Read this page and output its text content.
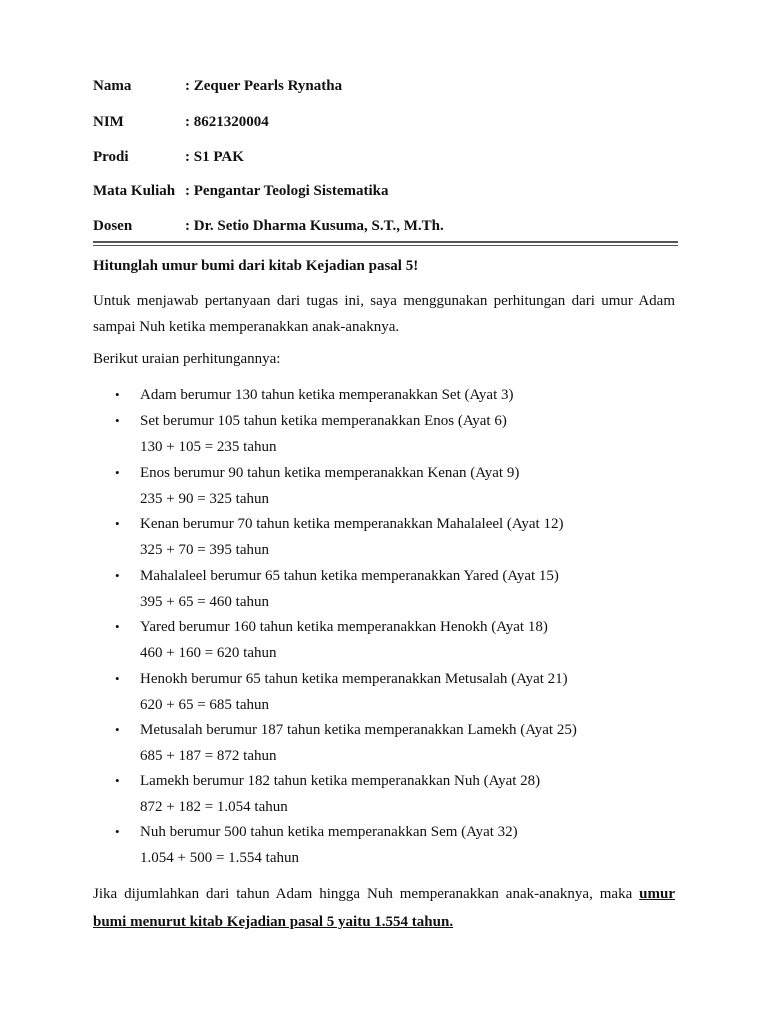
Nama	: Zequer Pearls Rynatha
NIM	: 8621320004
Prodi	: S1 PAK
Mata Kuliah : Pengantar Teologi Sistematika
Dosen	: Dr. Setio Dharma Kusuma, S.T., M.Th.
Hitunglah umur bumi dari kitab Kejadian pasal 5!
Untuk menjawab pertanyaan dari tugas ini, saya menggunakan perhitungan dari umur Adam sampai Nuh ketika memperanakkan anak-anaknya.
Berikut uraian perhitungannya:
• Adam berumur 130 tahun ketika memperanakkan Set (Ayat 3)
• Set berumur 105 tahun ketika memperanakkan Enos (Ayat 6)
130 + 105 = 235 tahun
• Enos berumur 90 tahun ketika memperanakkan Kenan (Ayat 9)
235 + 90 = 325 tahun
• Kenan berumur 70 tahun ketika memperanakkan Mahalaleel (Ayat 12)
325 + 70 = 395 tahun
• Mahalaleel berumur 65 tahun ketika memperanakkan Yared (Ayat 15)
395 + 65 = 460 tahun
• Yared berumur 160 tahun ketika memperanakkan Henokh (Ayat 18)
460 + 160 = 620 tahun
• Henokh berumur 65 tahun ketika memperanakkan Metusalah (Ayat 21)
620 + 65 = 685 tahun
• Metusalah berumur 187 tahun ketika memperanakkan Lamekh (Ayat 25)
685 + 187 = 872 tahun
• Lamekh berumur 182 tahun ketika memperanakkan Nuh (Ayat 28)
872 + 182 = 1.054 tahun
• Nuh berumur 500 tahun ketika memperanakkan Sem (Ayat 32)
1.054 + 500 = 1.554 tahun
Jika dijumlahkan dari tahun Adam hingga Nuh memperanakkan anak-anaknya, maka umur bumi menurut kitab Kejadian pasal 5 yaitu 1.554 tahun.
